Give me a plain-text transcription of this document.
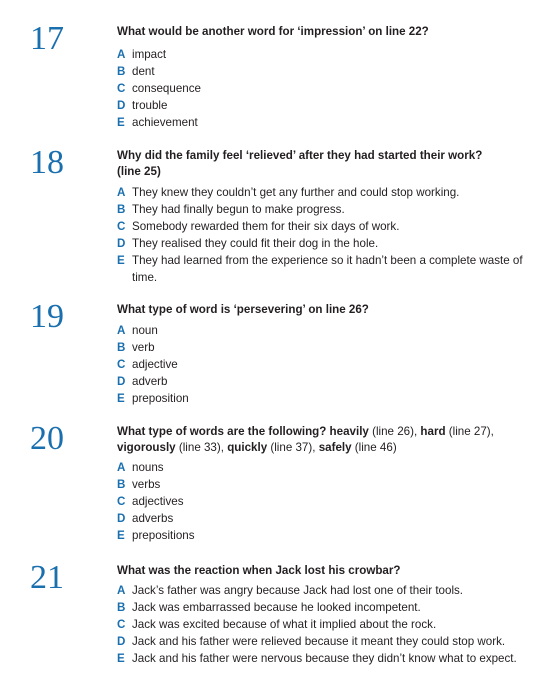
17	What would be another word for ‘impression’ on line 22?
A impact
B dent
C consequence
D trouble
E achievement
18	Why did the family feel ‘relieved’ after they had started their work?
(line 25)
A They knew they couldn’t get any further and could stop working.
B They had finally begun to make progress.
C Somebody rewarded them for their six days of work.
D They realised they could fit their dog in the hole.
E They had learned from the experience so it hadn’t been a complete waste of time.
19	What type of word is ‘persevering’ on line 26?
A noun
B verb
C adjective
D adverb
E preposition
20	What type of words are the following? heavily (line 26), hard (line 27),
vigorously (line 33), quickly (line 37), safely (line 46)
A nouns
B verbs
C adjectives
D adverbs
E prepositions
21	What was the reaction when Jack lost his crowbar?
A Jack’s father was angry because Jack had lost one of their tools.
B Jack was embarrassed because he looked incompetent.
C Jack was excited because of what it implied about the rock.
D Jack and his father were relieved because it meant they could stop work.
E Jack and his father were nervous because they didn’t know what to expect.
